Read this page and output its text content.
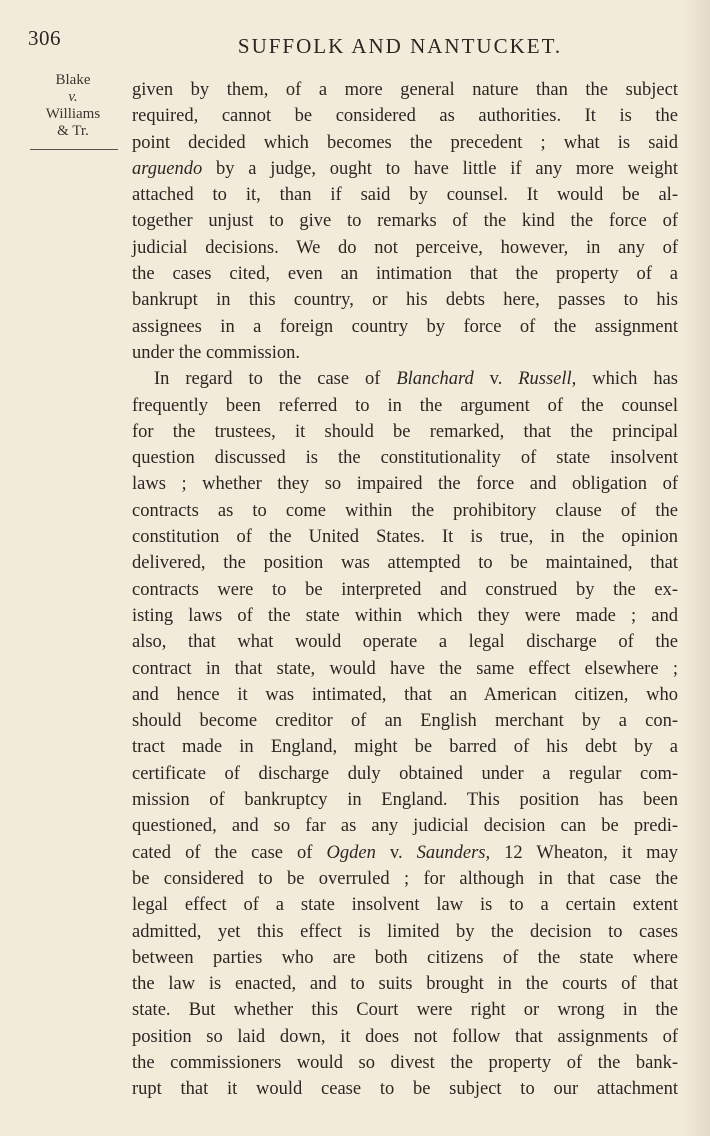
306	SUFFOLK AND NANTUCKET.
Blake
v.
Williams
& Tr.
given by them, of a more general nature than the subject
required, cannot be considered as authorities. It is the
point decided which becomes the precedent ; what is said
arguendo by a judge, ought to have little if any more weight
attached to it, than if said by counsel. It would be al-
together unjust to give to remarks of the kind the force of
judicial decisions. We do not perceive, however, in any of
the cases cited, even an intimation that the property of a
bankrupt in this country, or his debts here, passes to his
assignees in a foreign country by force of the assignment
under the commission.
In regard to the case of Blanchard v. Russell, which has
frequently been referred to in the argument of the counsel
for the trustees, it should be remarked, that the principal
question discussed is the constitutionality of state insolvent
laws ; whether they so impaired the force and obligation of
contracts as to come within the prohibitory clause of the
constitution of the United States. It is true, in the opinion
delivered, the position was attempted to be maintained, that
contracts were to be interpreted and construed by the ex-
isting laws of the state within which they were made ; and
also, that what would operate a legal discharge of the
contract in that state, would have the same effect elsewhere ;
and hence it was intimated, that an American citizen, who
should become creditor of an English merchant by a con-
tract made in England, might be barred of his debt by a
certificate of discharge duly obtained under a regular com-
mission of bankruptcy in England. This position has been
questioned, and so far as any judicial decision can be predi-
cated of the case of Ogden v. Saunders, 12 Wheaton, it may
be considered to be overruled ; for although in that case the
legal effect of a state insolvent law is to a certain extent
admitted, yet this effect is limited by the decision to cases
between parties who are both citizens of the state where
the law is enacted, and to suits brought in the courts of that
state. But whether this Court were right or wrong in the
position so laid down, it does not follow that assignments of
the commissioners would so divest the property of the bank-
rupt that it would cease to be subject to our attachment
